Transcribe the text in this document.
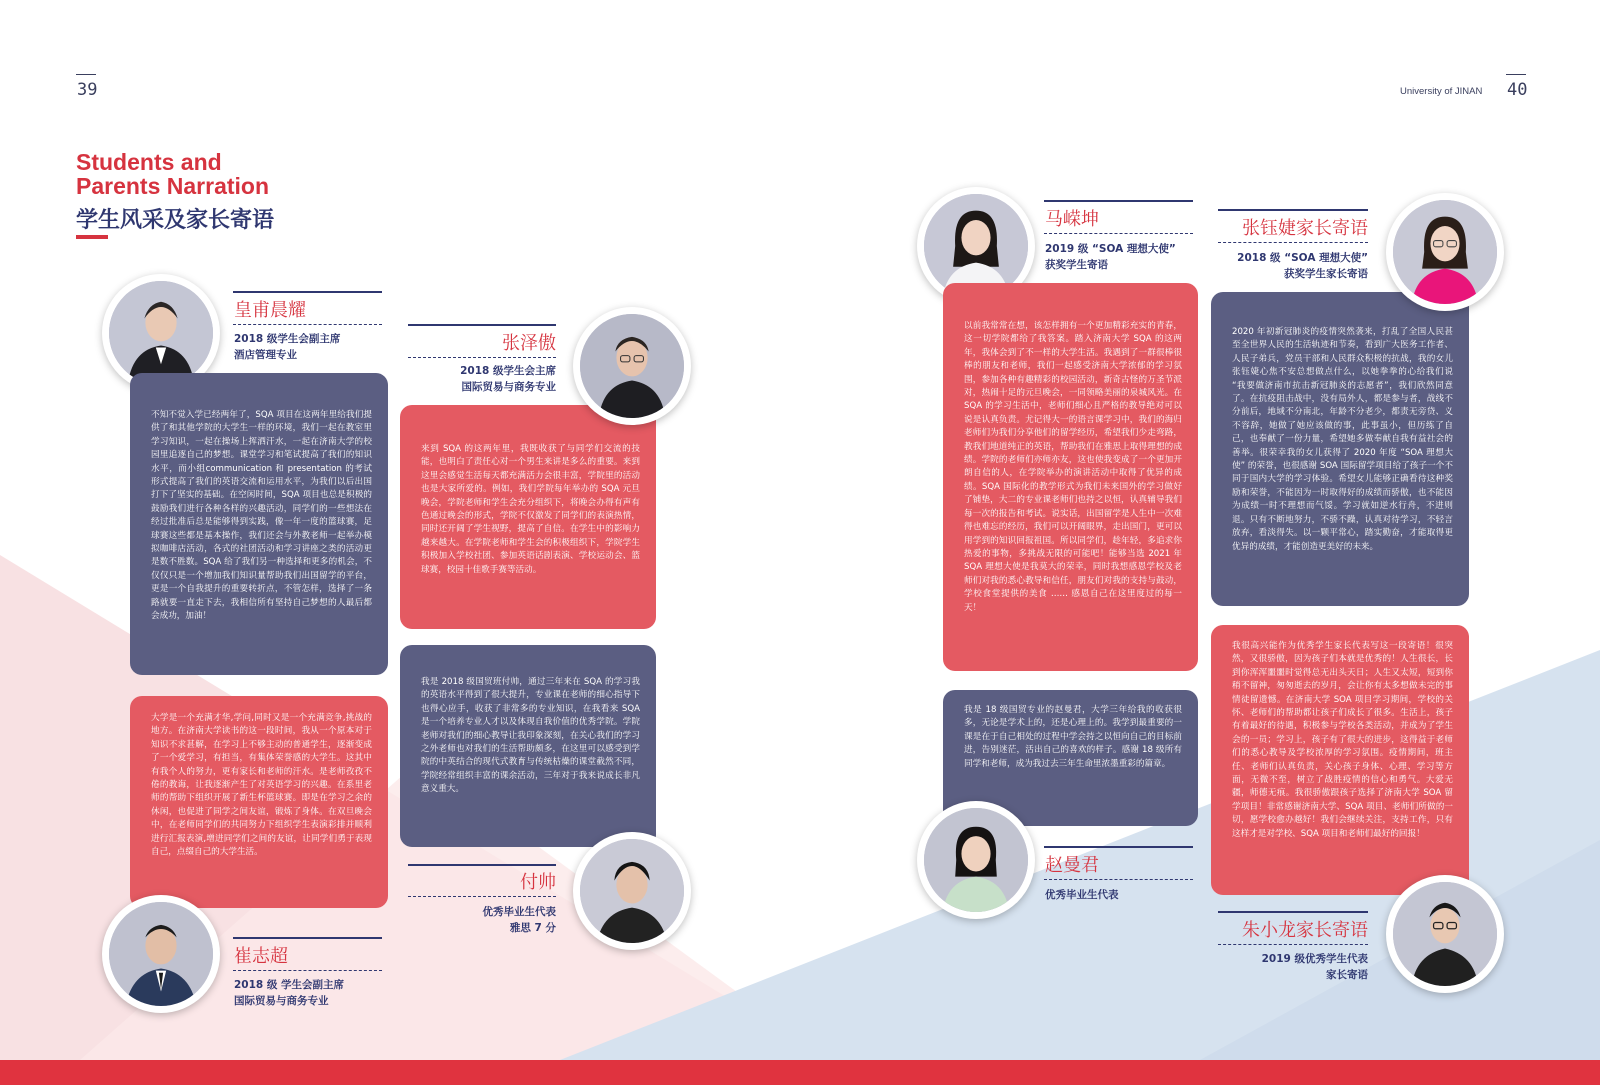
39	University of JINAN 40
Students and
Parents Narration
学生风采及家长寄语
皇甫晨耀
2018 级学生会副主席
酒店管理专业
不知不觉入学已经两年了，SQA 项目在这两年里给我们提供了和其他学院的大学生一样的环境，我们一起在教室里学习知识，一起在操场上挥洒汗水，一起在济南大学的校园里追逐自己的梦想。课堂学习和笔试提高了我们的知识水平，而小组communication 和 presentation 的考试形式提高了我们的英语交流和运用水平，为我们以后出国打下了坚实的基础。在空闲时间，SQA 项目也总是积极的鼓励我们进行各种各样的兴趣活动，同学们的一些想法在经过批准后总是能够得到实践，像一年一度的篮球赛，足球赛这些都是基本操作，我们还会与外教老师一起举办模拟咖啡店活动，各式的社团活动和学习讲座之类的活动更是数不胜数。SQA 给了我们另一种选择和更多的机会，不仅仅只是一个增加我们知识量帮助我们出国留学的平台，更是一个自我提升的重要转折点，不管怎样，选择了一条路就要一直走下去，我相信所有坚持自己梦想的人最后都会成功，加油！
张泽傲
2018 级学生会主席
国际贸易与商务专业
来到 SQA 的这两年里，我既收获了与同学们交流的技能，也明白了责任心对一个男生来讲是多么的重要。来到这里会感觉生活每天都充满活力会很丰富，学院里的活动也是大家所爱的。例如，我们学院每年举办的 SQA 元旦晚会，学院老师和学生会充分组织下，将晚会办得有声有色通过晚会的形式，学院不仅激发了同学们的表演热情，同时还开阔了学生视野，提高了自信。在学生中的影响力越来越大。在学院老师和学生会的积极组织下，学院学生积极加入学校社团、参加英语话剧表演、学校运动会、篮球赛，校园十佳歌手赛等活动。
我是 2018 级国贸班付帅，通过三年来在 SQA 的学习我的英语水平得到了很大提升，专业课在老师的细心指导下也得心应手，收获了非常多的专业知识，在我看来 SQA 是一个培养专业人才以及体现自我价值的优秀学院。学院老师对我们的细心教导让我印象深刻，在关心我们的学习之外老师也对我们的生活帮助颇多，在这里可以感受到学院的中英结合的现代式教育与传统枯燥的课堂截然不同，学院经常组织丰富的课余活动，三年对于我来说成长非凡意义重大。
付帅
优秀毕业生代表
雅思 7 分
大学是一个充满才华,学问,同时又是一个充满竞争,挑战的地方。在济南大学读书的这一段时间，我从一个原本对于知识不求甚解，在学习上不够主动的普通学生，逐渐变成了一个爱学习，有担当，有集体荣誉感的大学生。这其中有我个人的努力，更有家长和老师的汗水。是老师孜孜不倦的教诲，让我逐渐产生了对英语学习的兴趣。在系里老师的帮助下组织开展了新生杯篮球赛。即是在学习之余的休闲，也促进了同学之间友谊，锻炼了身体。在双旦晚会中，在老师同学们的共同努力下组织学生表演彩排并顺利进行汇报表演,增进同学们之间的友谊，让同学们勇于表现自己，点缀自己的大学生活。
崔志超
2018 级 学生会副主席
国际贸易与商务专业
马嵘坤
2019 级 “SOA 理想大使”
获奖学生寄语
以前我常常在想，该怎样拥有一个更加精彩充实的青春，这一切学院都给了我答案。踏入济南大学 SQA 的这两年，我体会到了不一样的大学生活。我遇到了一群很棒很棒的朋友和老师，我们一起感受济南大学浓郁的学习氛围，参加各种有趣精彩的校园活动，新奇古怪的万圣节派对，热闹十足的元旦晚会，一同领略美丽的泉城风光。在 SQA 的学习生活中，老师们细心且严格的教导绝对可以说是认真负责。尤记得大一的语言课学习中，我们的海归老师们为我们分享他们的留学经历，希望我们少走弯路，教我们地道纯正的英语，帮助我们在雅思上取得理想的成绩。学院的老师们亦师亦友，这也使我变成了一个更加开朗自信的人，在学院举办的演讲活动中取得了优异的成绩。SQA 国际化的教学形式为我们未来国外的学习做好了铺垫，大二的专业课老师们也持之以恒，认真辅导我们每一次的报告和考试。说实话，出国留学是人生中一次难得也难忘的经历，我们可以开阔眼界，走出国门，更可以用学到的知识回报祖国。所以同学们，趁年轻，多追求你热爱的事物，多挑战无限的可能吧！能够当选 2021 年 SQA 理想大使是我莫大的荣幸，同时我想感恩学校及老师们对我的悉心教导和信任，朋友们对我的支持与鼓动，学校食堂提供的美食 …… 感恩自己在这里度过的每一天！
我是 18 级国贸专业的赵曼君，大学三年给我的收获很多，无论是学术上的，还是心理上的。我学到最重要的一课是在于自己相处的过程中学会持之以恒向自己的目标前进，告别迷茫，活出自己的喜欢的样子。感谢 18 级所有同学和老师，成为我过去三年生命里浓墨重彩的篇章。
赵曼君
优秀毕业生代表
张钰婕家长寄语
2018 级 “SOA 理想大使”
获奖学生家长寄语
2020 年初新冠肺炎的疫情突然袭来，打乱了全国人民甚至全世界人民的生活轨迹和节奏，看到广大医务工作者、人民子弟兵，党员干部和人民群众积极的抗战，我的女儿张钰婕心焦不安总想做点什么，以她拳拳的心给我们说 “我要做济南市抗击新冠肺炎的志愿者”，我们欣然同意了。在抗疫阻击战中，没有局外人，都是参与者，战线不分前后，地域不分南北，年龄不分老少，都责无旁贷、义不容辞，她做了她应该做的事，此事虽小，但历练了自己，也奉献了一份力量，希望她多做奉献自我有益社会的善举。很荣幸我的女儿获得了 2020 年度 “SOA 理想大使” 的荣誉，也很感谢 SOA 国际留学项目给了孩子一个不同于国内大学的学习体验。希望女儿能够正确看待这种奖励和荣誉，不能因为一时取得好的成绩而骄傲，也不能因为成绩一时不理想而气馁。学习就如逆水行舟，不进则退。只有不断地努力，不骄不躁，认真对待学习，不轻言放弃，看淡得失。以一颗平常心，踏实勤奋，才能取得更优异的成绩，才能创造更美好的未来。
我很高兴能作为优秀学生家长代表写这一段寄语！很突然，又很骄傲，因为孩子们本就是优秀的！人生很长，长到你浑浑噩噩时觉得总无出头天日；人生又太短，短到你稍不留神，匆匆逝去的岁月，会让你有太多想做未完的事情徒留遗憾。在济南大学 SOA 项目学习期间，学校的关怀、老师们的帮助都让孩子们成长了很多。生活上，孩子有着最好的待遇，积极参与学校各类活动，并成为了学生会的一员；学习上，孩子有了很大的进步，这得益于老师们的悉心教导及学校浓厚的学习氛围。疫情期间，班主任、老师们认真负责，关心孩子身体、心理、学习等方面，无微不至，树立了战胜疫情的信心和勇气。大爱无疆，师德无痕。我很骄傲跟孩子选择了济南大学 SOA 留学项目！非常感谢济南大学、SQA 项目、老师们所做的一切，愿学校愈办越好！我们会继续关注，支持工作，只有这样才是对学校、SQA 项目和老师们最好的回报！
朱小龙家长寄语
2019 级优秀学生代表
家长寄语
